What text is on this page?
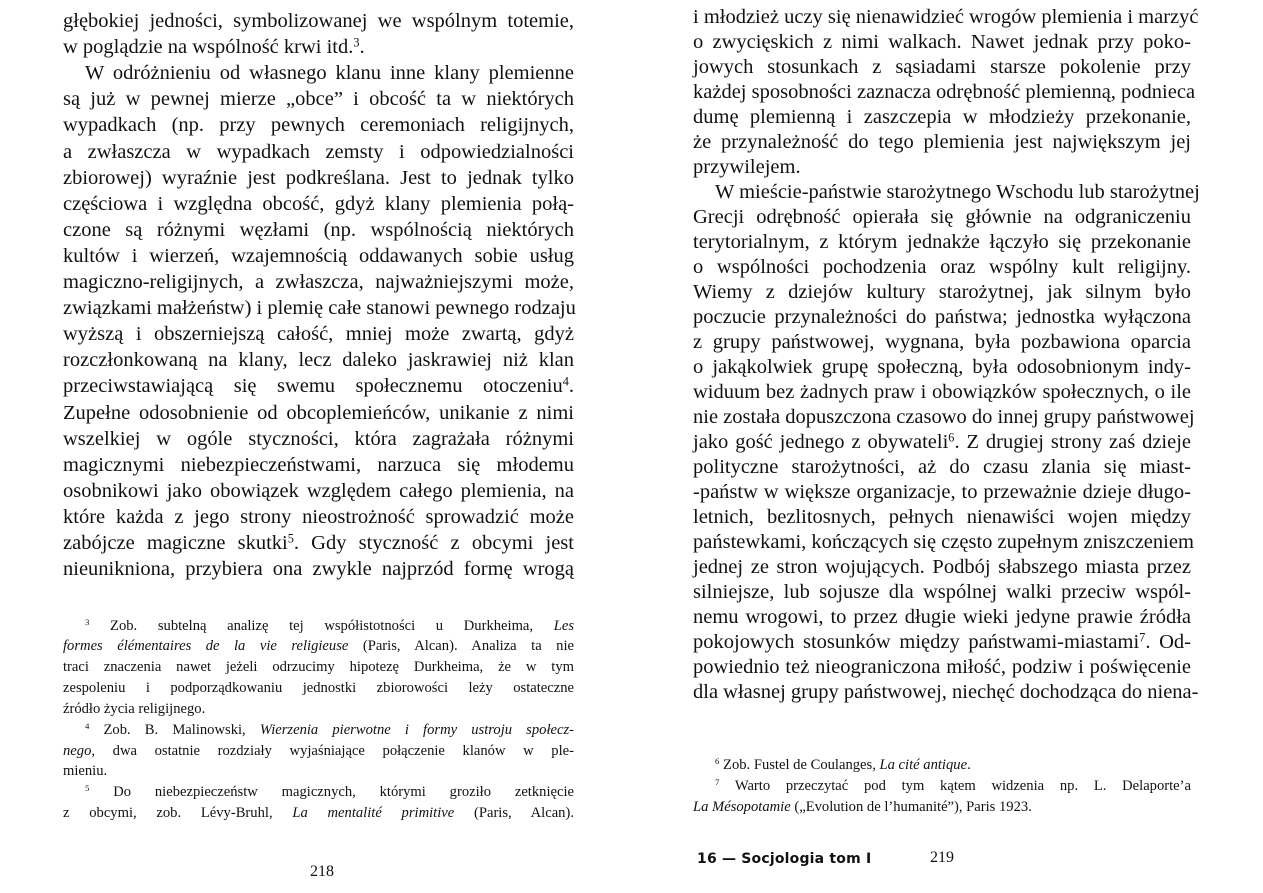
głębokiej jedności, symbolizowanej we wspólnym totemie,
w poglądzie na wspólność krwi itd.$^3$.
W odróżnieniu od własnego klanu inne klany plemienne
są już w pewnej mierze „obce” i obcość ta w niektórych
wypadkach (np. przy pewnych ceremoniach religijnych,
a zwłaszcza w wypadkach zemsty i odpowiedzialności
zbiorowej) wyraźnie jest podkreślana. Jest to jednak tylko
częściowa i względna obcość, gdyż klany plemienia połą-
czone są różnymi węzłami (np. wspólnością niektórych
kultów i wierzeń, wzajemnością oddawanych sobie usług
magiczno-religijnych, a zwłaszcza, najważniejszymi może,
związkami małżeństw) i plemię całe stanowi pewnego rodzaju
wyższą i obszerniejszą całość, mniej może zwartą, gdyż
rozczłonkowaną na klany, lecz daleko jaskrawiej niż klan
przeciwstawiającą się swemu społecznemu otoczeniu$^4$.
Zupełne odosobnienie od obcoplemieńców, unikanie z nimi
wszelkiej w ogóle styczności, która zagrażała różnymi
magicznymi niebezpieczeństwami, narzuca się młodemu
osobnikowi jako obowiązek względem całego plemienia, na
które każda z jego strony nieostrożność sprowadzić może
zabójcze magiczne skutki$^5$. Gdy styczność z obcymi jest
nieunikniona, przybiera ona zwykle najprzód formę wrogą
$^3$ Zob. subtelną analizę tej współistotności u Durkheima, Les
formes élémentaires de la vie religieuse (Paris, Alcan). Analiza ta nie
traci znaczenia nawet jeżeli odrzucimy hipotezę Durkheima, że w tym
zespoleniu i podporządkowaniu jednostki zbiorowości leży ostateczne
źródło życia religijnego.
$^4$ Zob. B. Malinowski, Wierzenia pierwotne i formy ustroju społecz-
nego, dwa ostatnie rozdziały wyjaśniające połączenie klanów w ple-
mieniu.
$^5$ Do niebezpieczeństw magicznych, którymi groziło zetknięcie
z obcymi, zob. Lévy-Bruhl, La mentalité primitive (Paris, Alcan).
218
i młodzież uczy się nienawidzieć wrogów plemienia i marzyć
o zwycięskich z nimi walkach. Nawet jednak przy poko-
jowych stosunkach z sąsiadami starsze pokolenie przy
każdej sposobności zaznacza odrębność plemienną, podnieca
dumę plemienną i zaszczepia w młodzieży przekonanie,
że przynależność do tego plemienia jest największym jej
przywilejem.
W mieście-państwie starożytnego Wschodu lub starożytnej
Grecji odrębność opierała się głównie na odgraniczeniu
terytorialnym, z którym jednakże łączyło się przekonanie
o wspólności pochodzenia oraz wspólny kult religijny.
Wiemy z dziejów kultury starożytnej, jak silnym było
poczucie przynależności do państwa; jednostka wyłączona
z grupy państwowej, wygnana, była pozbawiona oparcia
o jakąkolwiek grupę społeczną, była odosobnionym indy-
widuum bez żadnych praw i obowiązków społecznych, o ile
nie została dopuszczona czasowo do innej grupy państwowej
jako gość jednego z obywateli$^6$. Z drugiej strony zaś dzieje
polityczne starożytności, aż do czasu zlania się miast-
-państw w większe organizacje, to przeważnie dzieje długo-
letnich, bezlitosnych, pełnych nienawiści wojen między
państewkami, kończących się często zupełnym zniszczeniem
jednej ze stron wojujących. Podbój słabszego miasta przez
silniejsze, lub sojusze dla wspólnej walki przeciw wspól-
nemu wrogowi, to przez długie wieki jedyne prawie źródła
pokojowych stosunków między państwami-miastami$^7$. Od-
powiednio też nieograniczona miłość, podziw i poświęcenie
dla własnej grupy państwowej, niechęć dochodząca do niena-
$^6$ Zob. Fustel de Coulanges, La cité antique.
$^7$ Warto przeczytać pod tym kątem widzenia np. L. Delaporte’a
La Mésopotamie („Evolution de l’humanité”), Paris 1923.
16 — Socjologia tom I	219
